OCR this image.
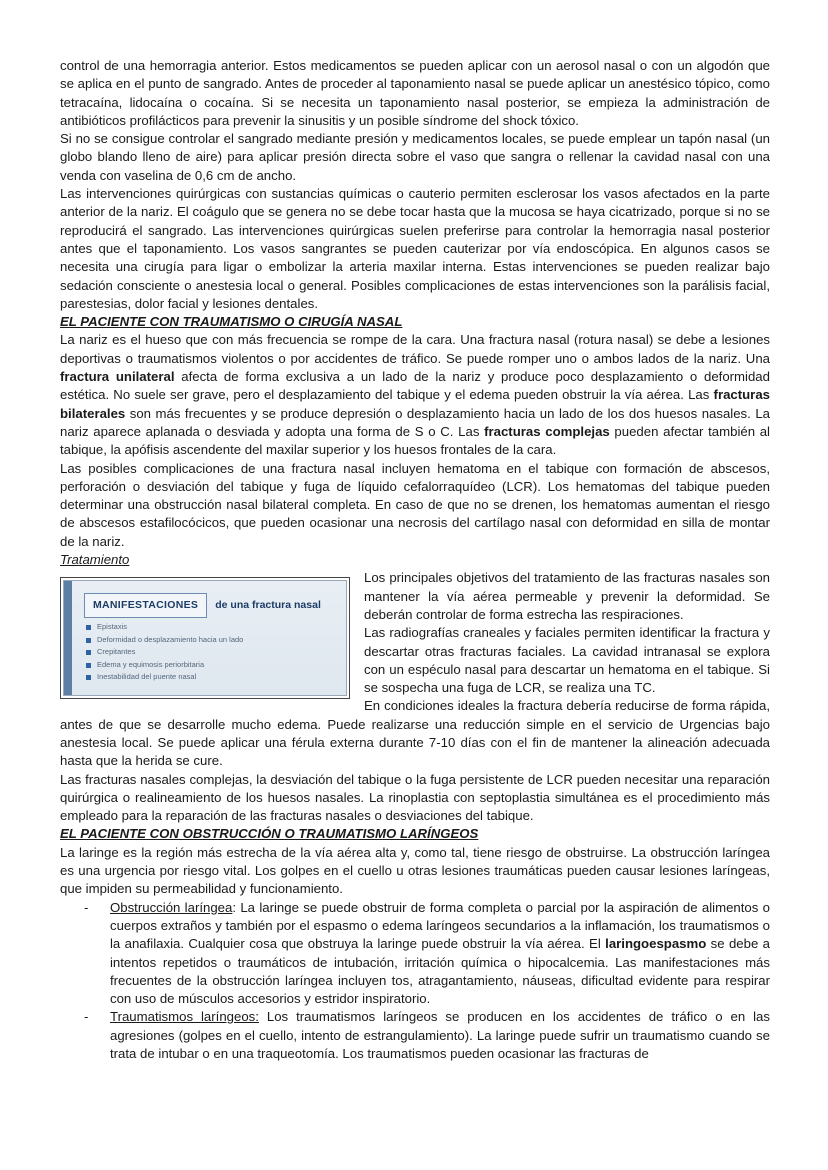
control de una hemorragia anterior. Estos medicamentos se pueden aplicar con un aerosol nasal o con un algodón que se aplica en el punto de sangrado. Antes de proceder al taponamiento nasal se puede aplicar un anestésico tópico, como tetracaína, lidocaína o cocaína. Si se necesita un taponamiento nasal posterior, se empieza la administración de antibióticos profilácticos para prevenir la sinusitis y un posible síndrome del shock tóxico.

Si no se consigue controlar el sangrado mediante presión y medicamentos locales, se puede emplear un tapón nasal (un globo blando lleno de aire) para aplicar presión directa sobre el vaso que sangra o rellenar la cavidad nasal con una venda con vaselina de 0,6 cm de ancho.

Las intervenciones quirúrgicas con sustancias químicas o cauterio permiten esclerosar los vasos afectados en la parte anterior de la nariz. El coágulo que se genera no se debe tocar hasta que la mucosa se haya cicatrizado, porque si no se reproducirá el sangrado. Las intervenciones quirúrgicas suelen preferirse para controlar la hemorragia nasal posterior antes que el taponamiento. Los vasos sangrantes se pueden cauterizar por vía endoscópica. En algunos casos se necesita una cirugía para ligar o embolizar la arteria maxilar interna. Estas intervenciones se pueden realizar bajo sedación consciente o anestesia local o general. Posibles complicaciones de estas intervenciones son la parálisis facial, parestesias, dolor facial y lesiones dentales.

EL PACIENTE CON TRAUMATISMO O CIRUGÍA NASAL

La nariz es el hueso que con más frecuencia se rompe de la cara. Una fractura nasal (rotura nasal) se debe a lesiones deportivas o traumatismos violentos o por accidentes de tráfico. Se puede romper uno o ambos lados de la nariz. Una fractura unilateral afecta de forma exclusiva a un lado de la nariz y produce poco desplazamiento o deformidad estética. No suele ser grave, pero el desplazamiento del tabique y el edema pueden obstruir la vía aérea. Las fracturas bilaterales son más frecuentes y se produce depresión o desplazamiento hacia un lado de los dos huesos nasales. La nariz aparece aplanada o desviada y adopta una forma de S o C. Las fracturas complejas pueden afectar también al tabique, la apófisis ascendente del maxilar superior y los huesos frontales de la cara.

Las posibles complicaciones de una fractura nasal incluyen hematoma en el tabique con formación de abscesos, perforación o desviación del tabique y fuga de líquido cefalorraquídeo (LCR). Los hematomas del tabique pueden determinar una obstrucción nasal bilateral completa. En caso de que no se drenen, los hematomas aumentan el riesgo de abscesos estafilocócicos, que pueden ocasionar una necrosis del cartílago nasal con deformidad en silla de montar de la nariz.

Tratamiento

MANIFESTACIONES	de una fractura nasal
Epistaxis
Deformidad o desplazamiento hacia un lado
Crepitantes
Edema y equimosis periorbitaria
Inestabilidad del puente nasal

Los principales objetivos del tratamiento de las fracturas nasales son mantener la vía aérea permeable y prevenir la deformidad. Se deberán controlar de forma estrecha las respiraciones.

Las radiografías craneales y faciales permiten identificar la fractura y descartar otras fracturas faciales. La cavidad intranasal se explora con un espéculo nasal para descartar un hematoma en el tabique. Si se sospecha una fuga de LCR, se realiza una TC.

En condiciones ideales la fractura debería reducirse de forma rápida, antes de que se desarrolle mucho edema. Puede realizarse una reducción simple en el servicio de Urgencias bajo anestesia local. Se puede aplicar una férula externa durante 7-10 días con el fin de mantener la alineación adecuada hasta que la herida se cure.

Las fracturas nasales complejas, la desviación del tabique o la fuga persistente de LCR pueden necesitar una reparación quirúrgica o realineamiento de los huesos nasales. La rinoplastia con septoplastia simultánea es el procedimiento más empleado para la reparación de las fracturas nasales o desviaciones del tabique.

EL PACIENTE CON OBSTRUCCIÓN O TRAUMATISMO LARÍNGEOS

La laringe es la región más estrecha de la vía aérea alta y, como tal, tiene riesgo de obstruirse. La obstrucción laríngea es una urgencia por riesgo vital. Los golpes en el cuello u otras lesiones traumáticas pueden causar lesiones laríngeas, que impiden su permeabilidad y funcionamiento.

- Obstrucción laríngea: La laringe se puede obstruir de forma completa o parcial por la aspiración de alimentos o cuerpos extraños y también por el espasmo o edema laríngeos secundarios a la inflamación, los traumatismos o la anafilaxia. Cualquier cosa que obstruya la laringe puede obstruir la vía aérea. El laringoespasmo se debe a intentos repetidos o traumáticos de intubación, irritación química o hipocalcemia. Las manifestaciones más frecuentes de la obstrucción laríngea incluyen tos, atragantamiento, náuseas, dificultad evidente para respirar con uso de músculos accesorios y estridor inspiratorio.
- Traumatismos laríngeos: Los traumatismos laríngeos se producen en los accidentes de tráfico o en las agresiones (golpes en el cuello, intento de estrangulamiento). La laringe puede sufrir un traumatismo cuando se trata de intubar o en una traqueotomía. Los traumatismos pueden ocasionar las fracturas de
